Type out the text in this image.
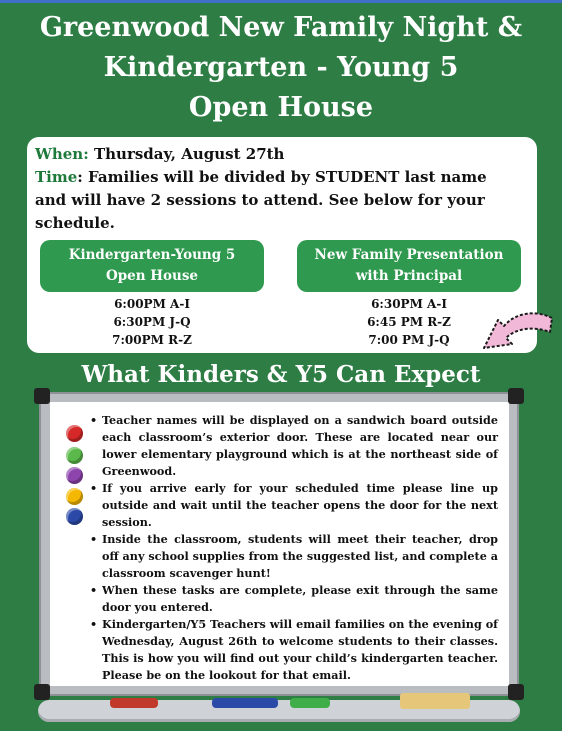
Greenwood New Family Night &
Kindergarten - Young 5
Open House
When: Thursday, August 27th
Time: Families will be divided by STUDENT last name
and will have 2 sessions to attend. See below for your
schedule.
Kindergarten-Young 5
Open House
6:00PM A-I
6:30PM J-Q
7:00PM R-Z
New Family Presentation
with Principal
6:30PM A-I
6:45 PM R-Z
7:00 PM J-Q
What Kinders & Y5 Can Expect
• Teacher names will be displayed on a sandwich board outside each classroom’s exterior door. These are located near our lower elementary playground which is at the northeast side of Greenwood.
• If you arrive early for your scheduled time please line up outside and wait until the teacher opens the door for the next session.
• Inside the classroom, students will meet their teacher, drop off any school supplies from the suggested list, and complete a classroom scavenger hunt!
• When these tasks are complete, please exit through the same door you entered.
• Kindergarten/Y5 Teachers will email families on the evening of Wednesday, August 26th to welcome students to their classes. This is how you will find out your child’s kindergarten teacher. Please be on the lookout for that email.
